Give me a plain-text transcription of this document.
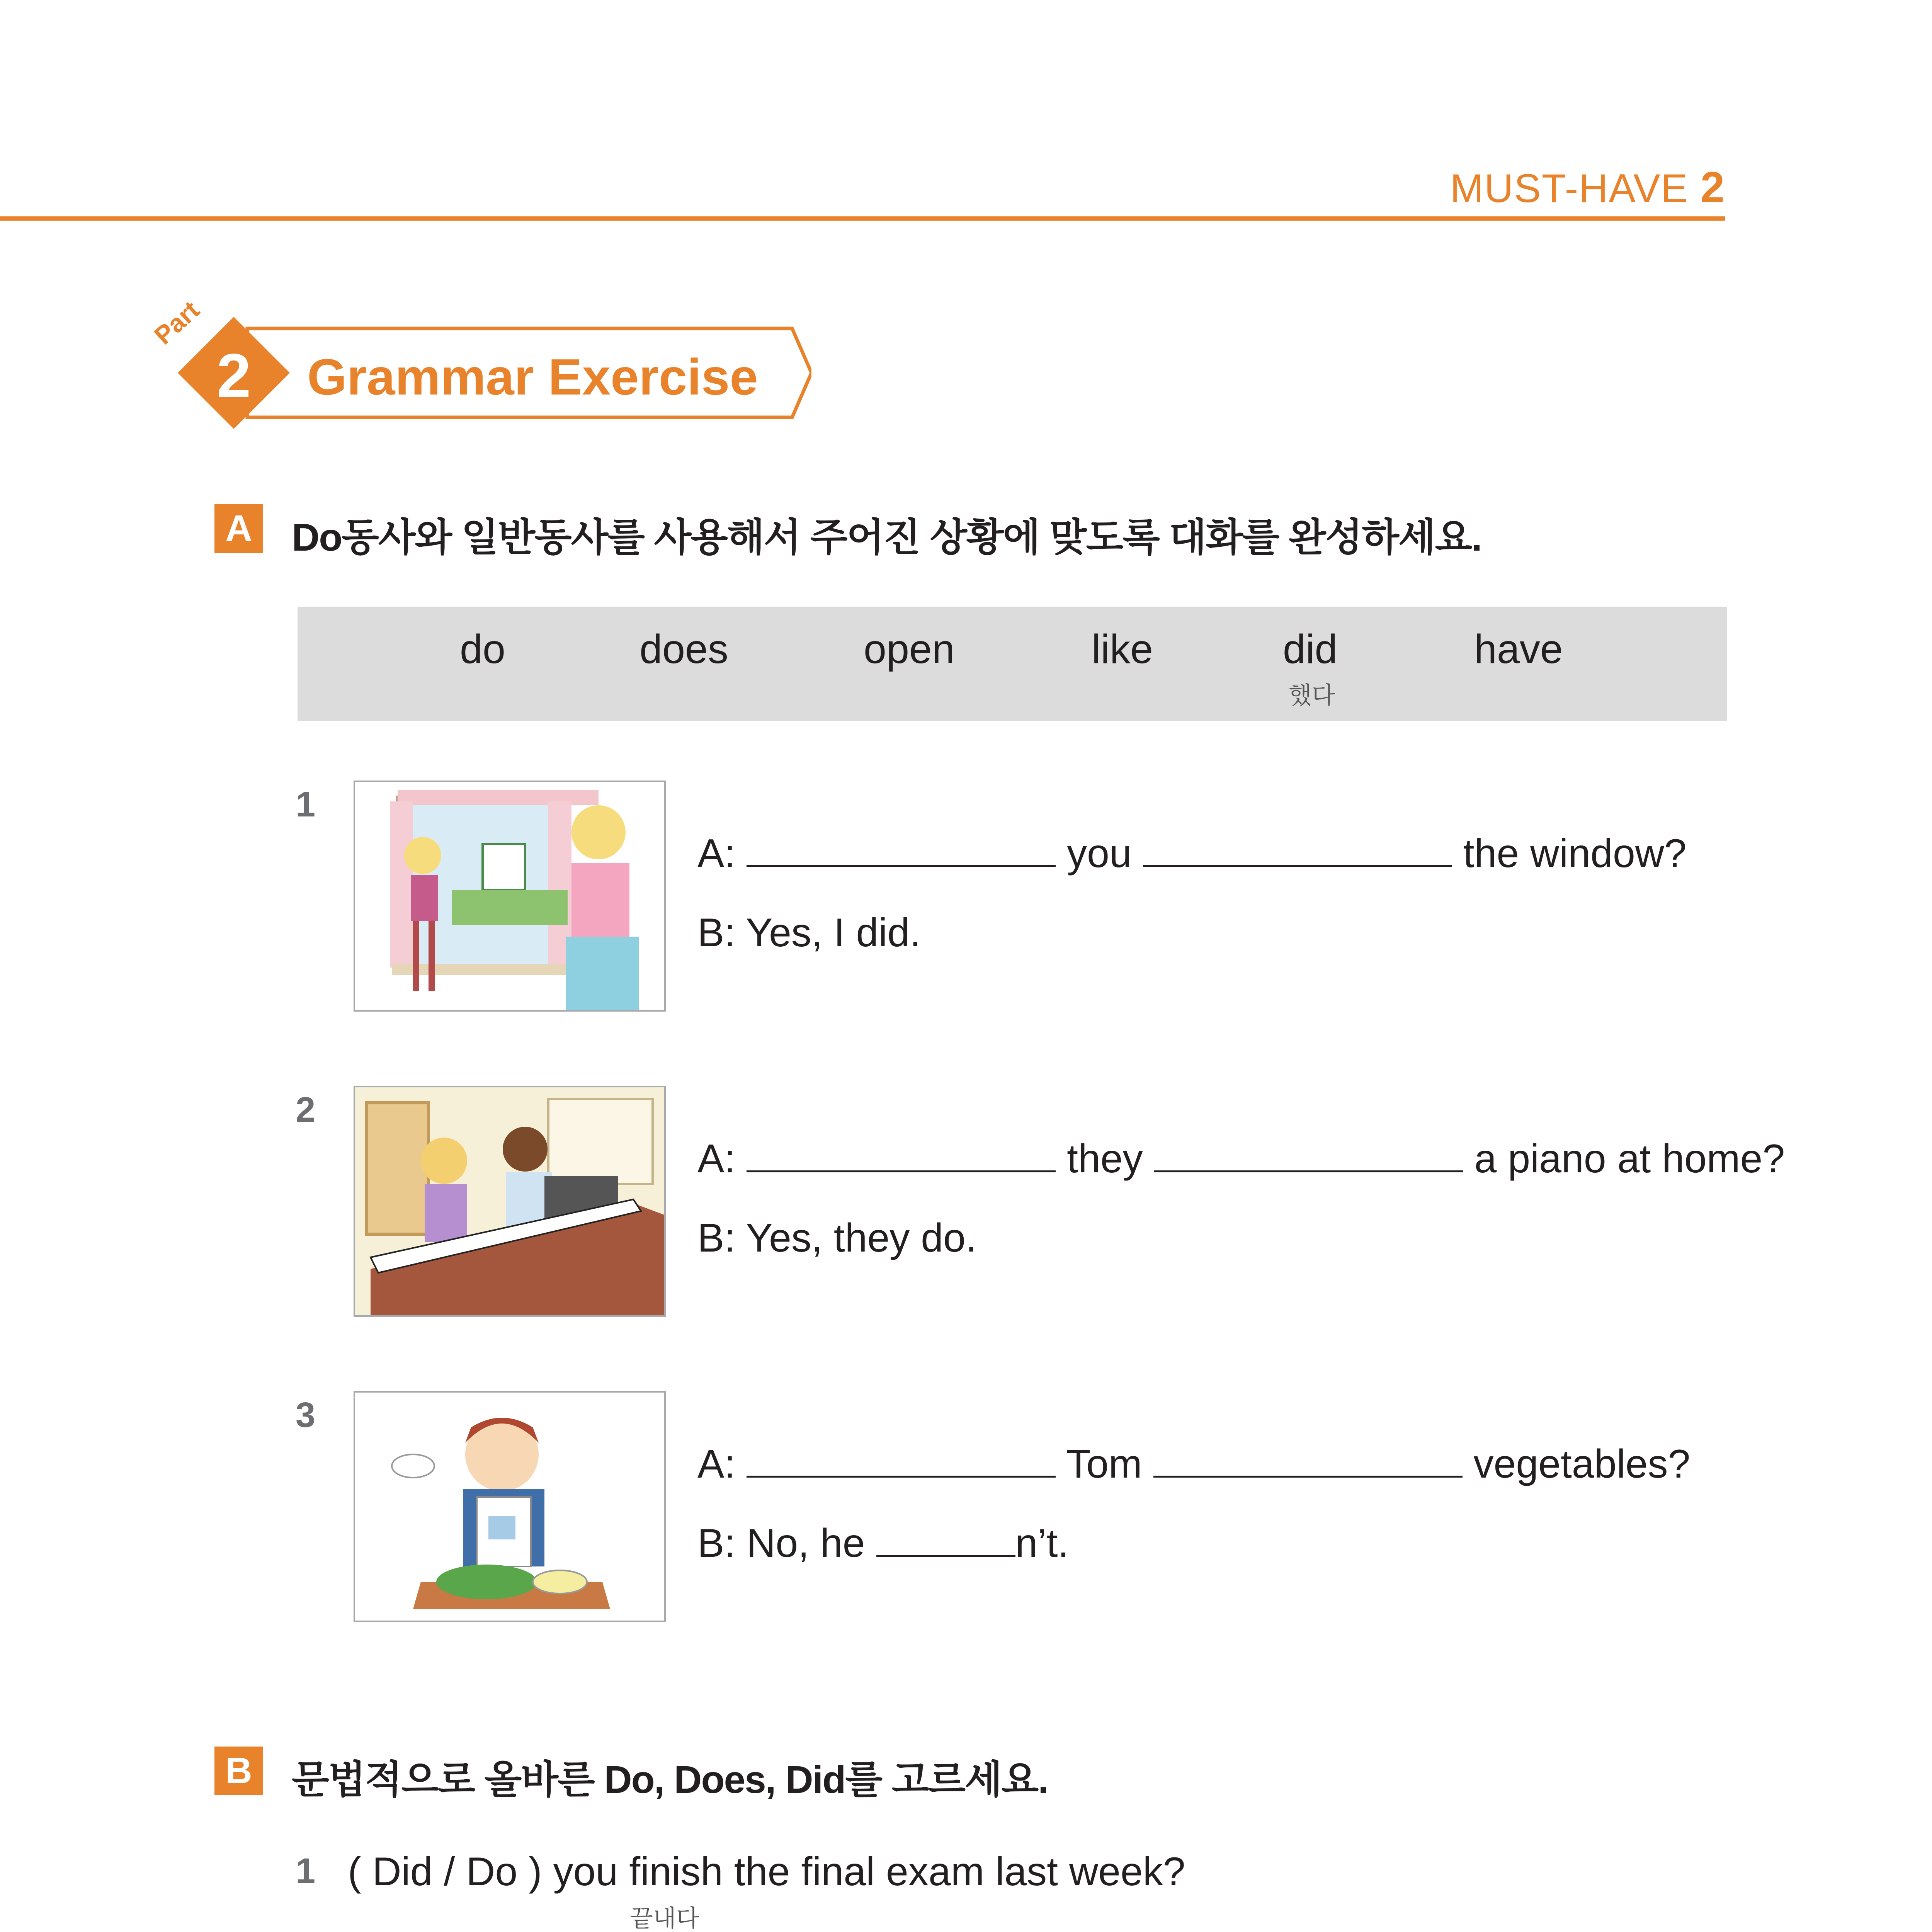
MUST-HAVE 2
Part
2	Grammar Exercise
A Do동사와 일반동사를 사용해서 주어진 상황에 맞도록 대화를 완성하세요.
do	does	open	like	did
했다
have
1
A:	you	the window?
B: Yes, I did.
2
A:	they	a piano at home?
B: Yes, they do.
3
A:	Tom	vegetables?
B: No, he	n’t.
B 문법적으로 올바른 Do, Does, Did를 고르세요.
1 ( Did / Do ) you finish the final exam last week?
끝내다
